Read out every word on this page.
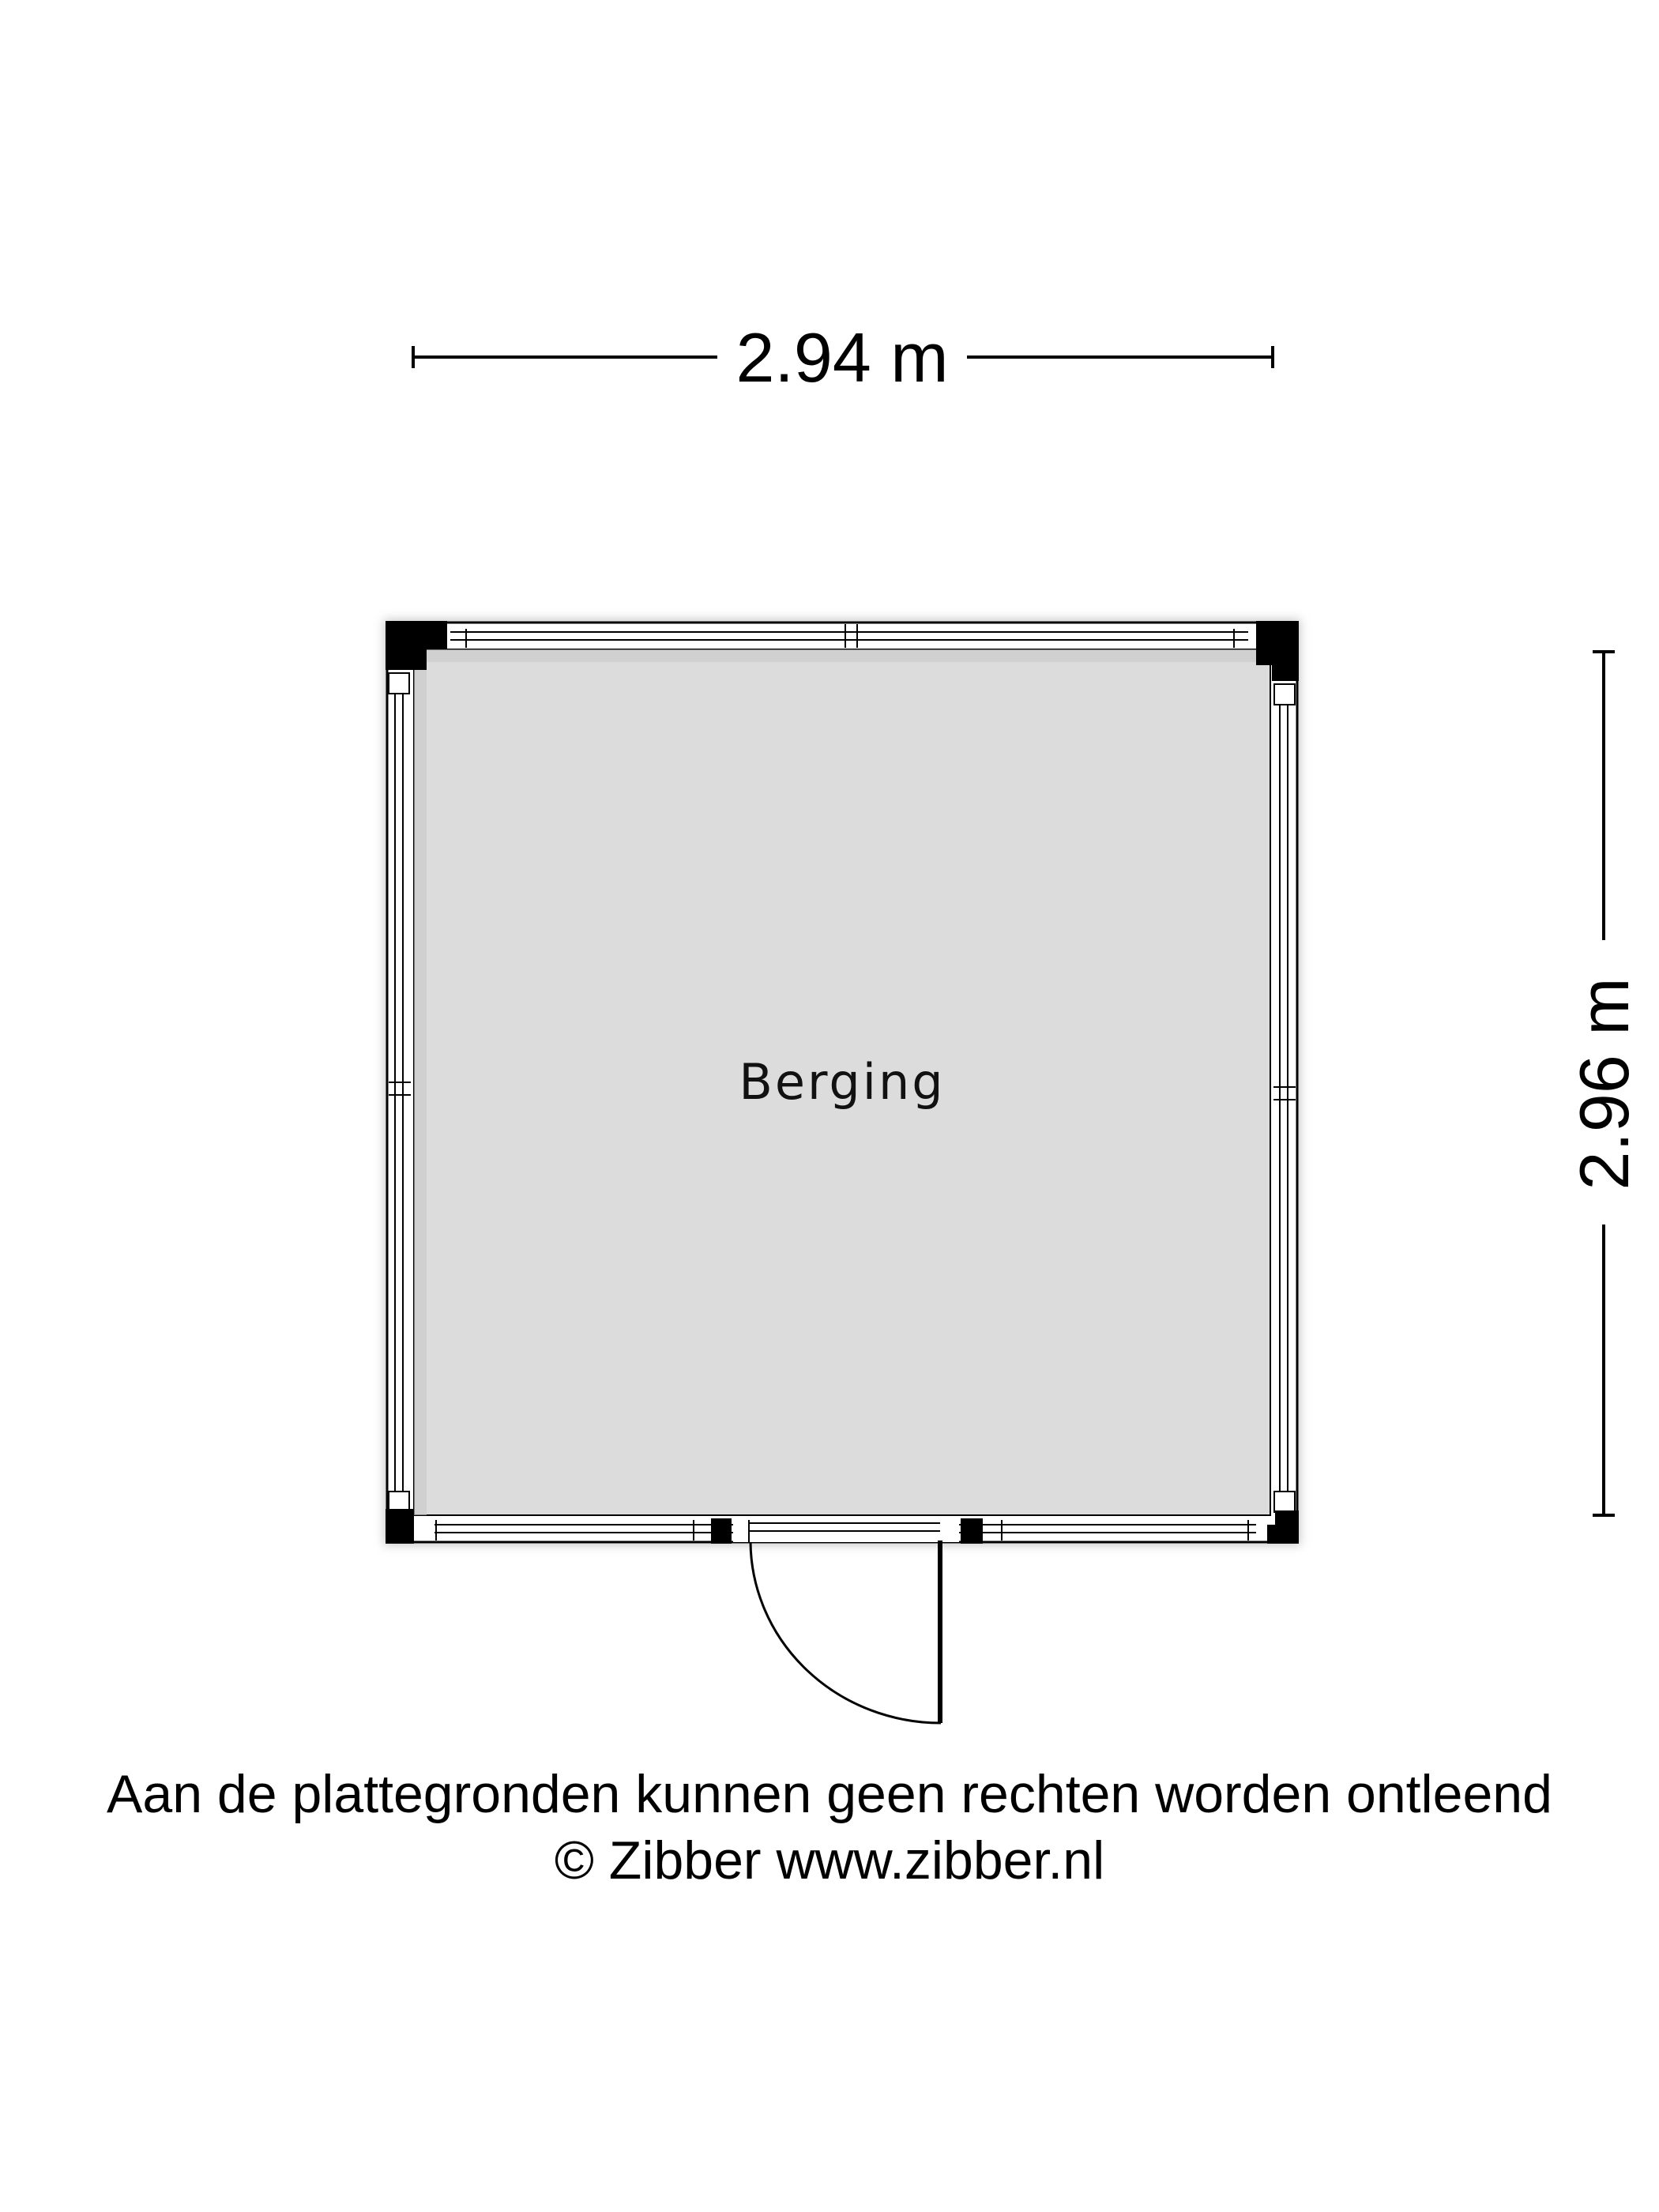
2.94 m
2.96 m
Berging
Aan de plattegronden kunnen geen rechten worden ontleend
© Zibber www.zibber.nl
